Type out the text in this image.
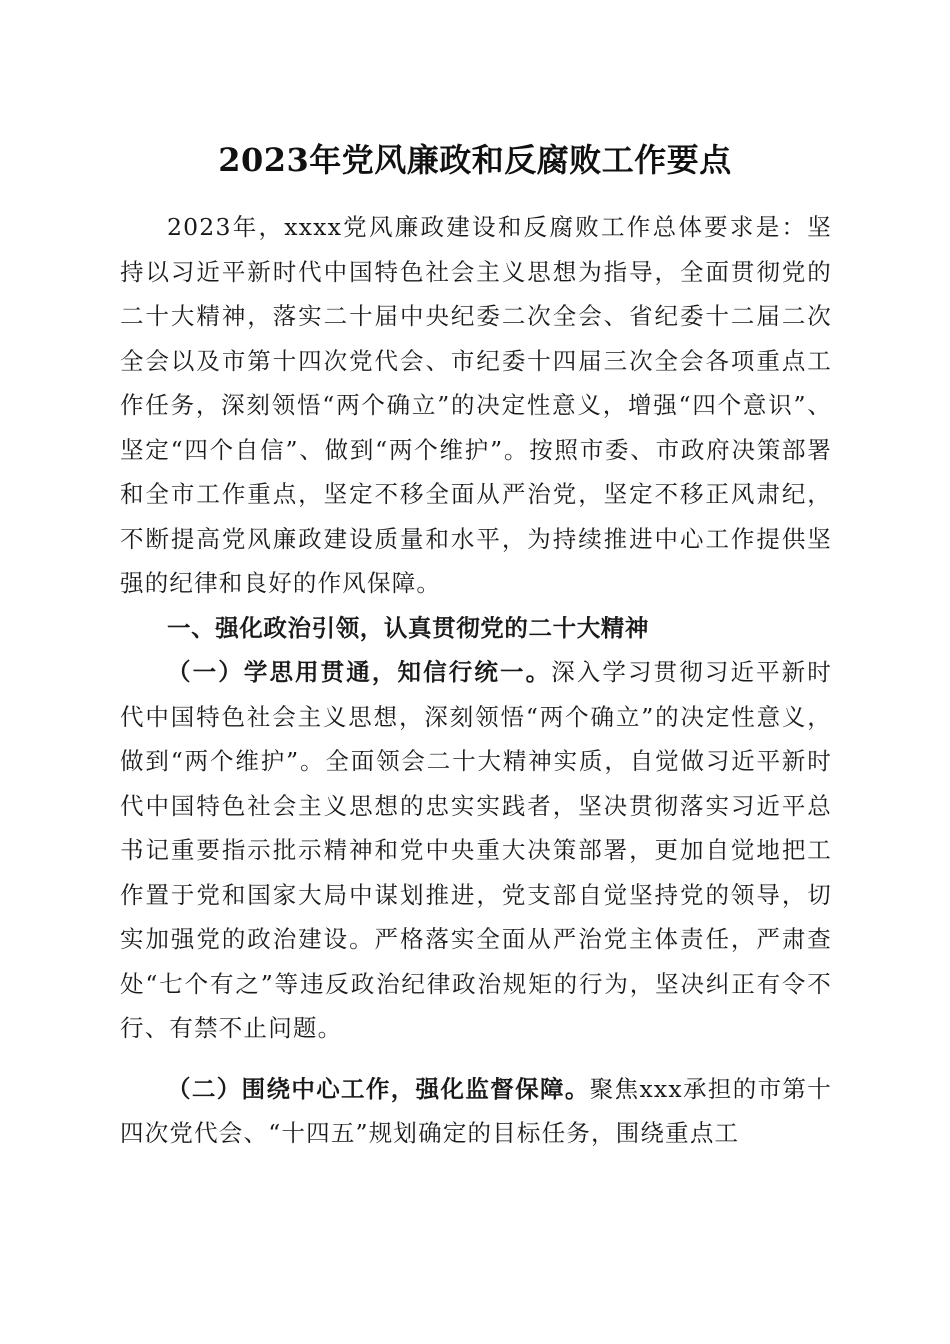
2023年党风廉政和反腐败工作要点

2023年，xxxx党风廉政建设和反腐败工作总体要求是：坚持以习近平新时代中国特色社会主义思想为指导，全面贯彻党的二十大精神，落实二十届中央纪委二次全会、省纪委十二届二次全会以及市第十四次党代会、市纪委十四届三次全会各项重点工作任务，深刻领悟“两个确立”的决定性意义，增强“四个意识”、坚定“四个自信”、做到“两个维护”。按照市委、市政府决策部署和全市工作重点，坚定不移全面从严治党，坚定不移正风肃纪，不断提高党风廉政建设质量和水平，为持续推进中心工作提供坚强的纪律和良好的作风保障。

一、强化政治引领，认真贯彻党的二十大精神

（一）学思用贯通，知信行统一。深入学习贯彻习近平新时代中国特色社会主义思想，深刻领悟“两个确立”的决定性意义，做到“两个维护”。全面领会二十大精神实质，自觉做习近平新时代中国特色社会主义思想的忠实实践者，坚决贯彻落实习近平总书记重要指示批示精神和党中央重大决策部署，更加自觉地把工作置于党和国家大局中谋划推进，党支部自觉坚持党的领导，切实加强党的政治建设。严格落实全面从严治党主体责任，严肃查处“七个有之”等违反政治纪律政治规矩的行为，坚决纠正有令不行、有禁不止问题。

（二）围绕中心工作，强化监督保障。聚焦xxx承担的市第十四次党代会、“十四五”规划确定的目标任务，围绕重点工
